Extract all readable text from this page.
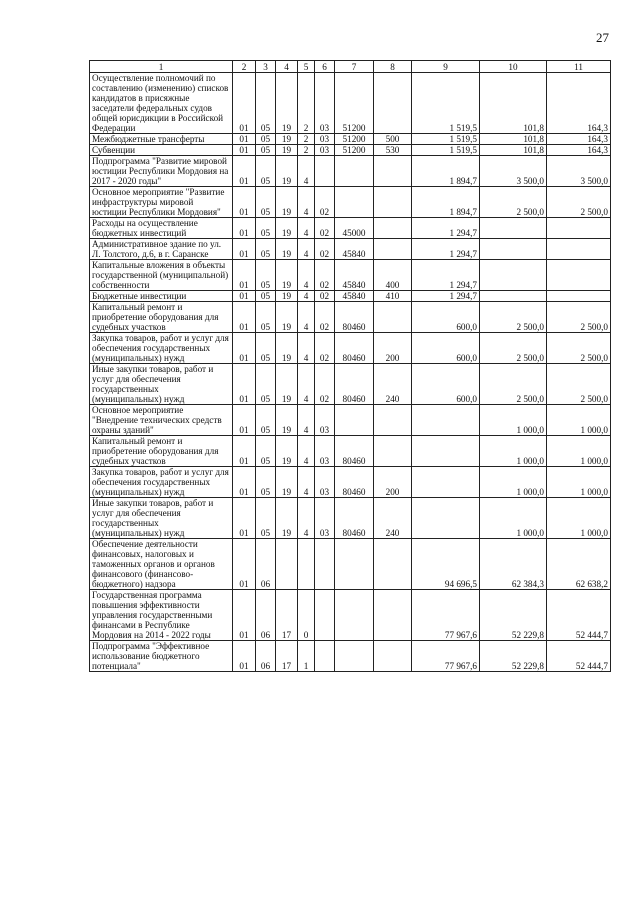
27
1	2	3	4	5	6	7	8	9	10	11
Осуществление полномочий по составлению (изменению) списков кандидатов в присяжные заседатели федеральных судов общей юрисдикции в Российской Федерации	01	05	19	2	03	51200		1 519,5	101,8	164,3
Межбюджетные трансферты	01	05	19	2	03	51200	500	1 519,5	101,8	164,3
Субвенции	01	05	19	2	03	51200	530	1 519,5	101,8	164,3
Подпрограмма "Развитие мировой юстиции Республики Мордовия на 2017 - 2020 годы"	01	05	19	4				1 894,7	3 500,0	3 500,0
Основное мероприятие "Развитие инфраструктуры мировой юстиции Республики Мордовия"	01	05	19	4	02			1 894,7	2 500,0	2 500,0
Расходы на осуществление бюджетных инвестиций	01	05	19	4	02	45000		1 294,7		
Административное здание по ул. Л. Толстого, д.6, в г. Саранске	01	05	19	4	02	45840		1 294,7		
Капитальные вложения в объекты государственной (муниципальной) собственности	01	05	19	4	02	45840	400	1 294,7		
Бюджетные инвестиции	01	05	19	4	02	45840	410	1 294,7		
Капитальный ремонт и приобретение оборудования для судебных участков	01	05	19	4	02	80460		600,0	2 500,0	2 500,0
Закупка товаров, работ и услуг для обеспечения государственных (муниципальных) нужд	01	05	19	4	02	80460	200	600,0	2 500,0	2 500,0
Иные закупки товаров, работ и услуг для обеспечения государственных (муниципальных) нужд	01	05	19	4	02	80460	240	600,0	2 500,0	2 500,0
Основное мероприятие "Внедрение технических средств охраны зданий"	01	05	19	4	03				1 000,0	1 000,0
Капитальный ремонт и приобретение оборудования для судебных участков	01	05	19	4	03	80460			1 000,0	1 000,0
Закупка товаров, работ и услуг для обеспечения государственных (муниципальных) нужд	01	05	19	4	03	80460	200		1 000,0	1 000,0
Иные закупки товаров, работ и услуг для обеспечения государственных (муниципальных) нужд	01	05	19	4	03	80460	240		1 000,0	1 000,0
Обеспечение деятельности финансовых, налоговых и таможенных органов и органов финансового (финансово-бюджетного) надзора	01	06						94 696,5	62 384,3	62 638,2
Государственная программа повышения эффективности управления государственными финансами в Республике Мордовия на 2014 - 2022 годы	01	06	17	0				77 967,6	52 229,8	52 444,7
Подпрограмма "Эффективное использование бюджетного потенциала"	01	06	17	1				77 967,6	52 229,8	52 444,7
